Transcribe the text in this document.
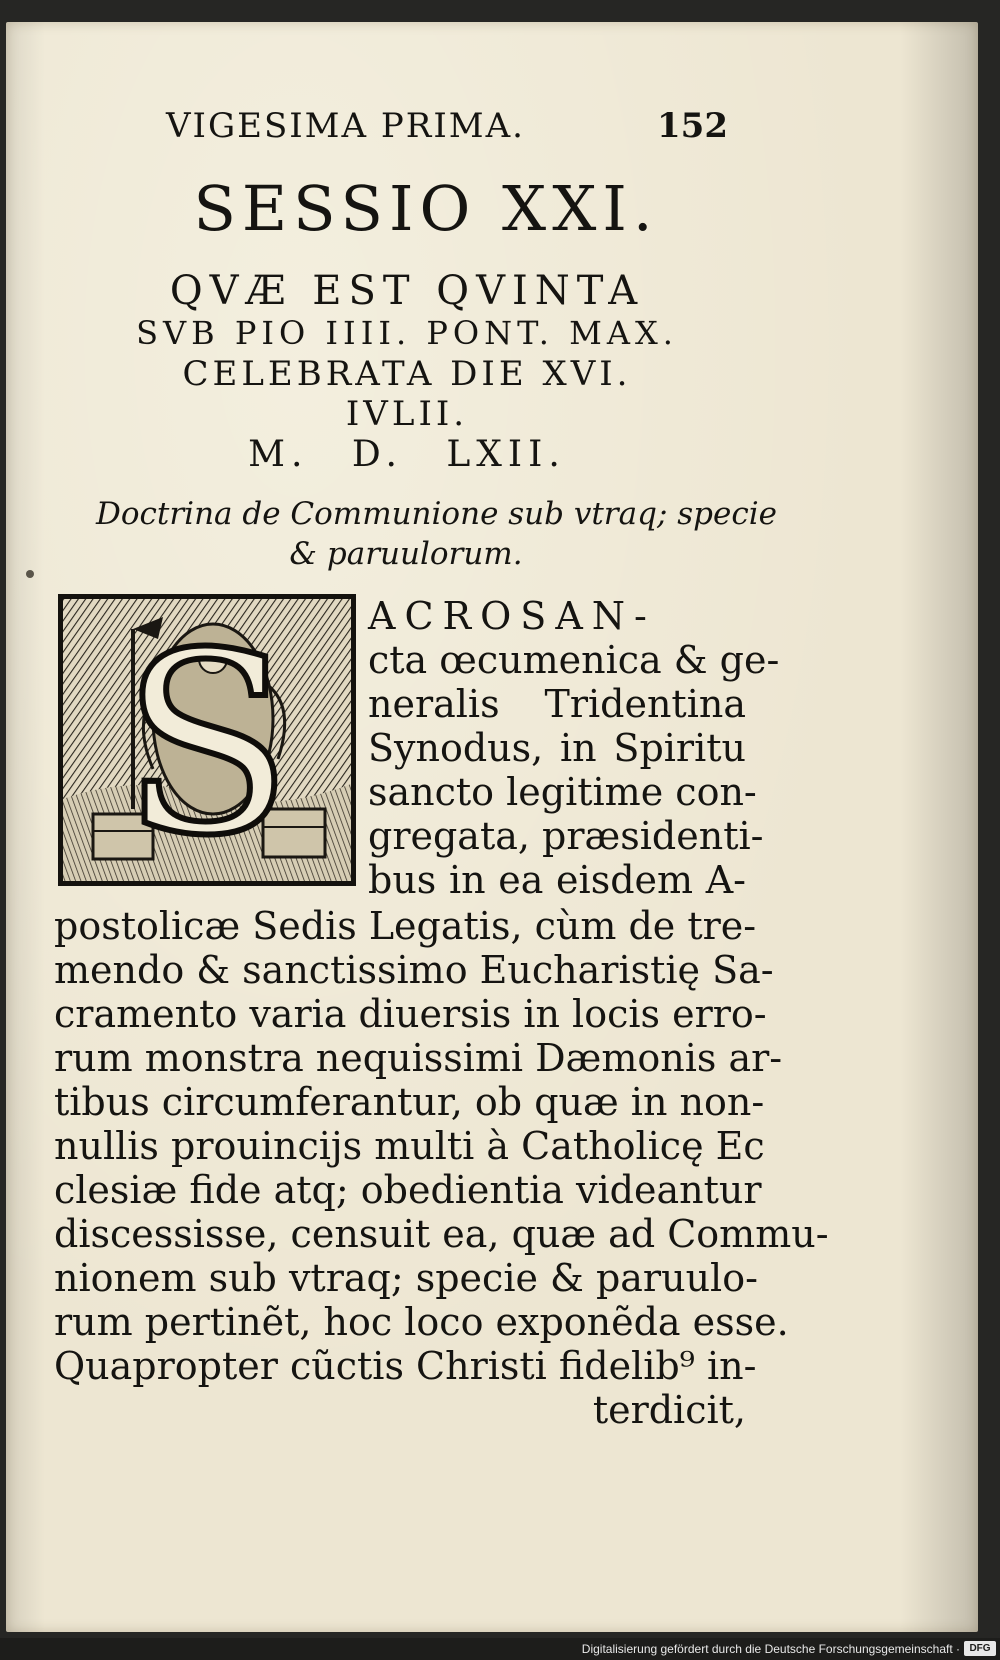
VIGESIMA PRIMA.	152
SESSIO XXI.
QVÆ EST QVINTA
SVB PIO IIII. PONT. MAX.
CELEBRATA DIE XVI.
IVLII.
M. D. LXII.
Doctrina de Communione sub vtraq; specie
& paruulorum.
S ACROSAN-
cta œcumenica & ge-
neralis Tridentina
Synodus, in Spiritu
sancto legitime con-
gregata, præsidenti-
bus in ea eisdem A-
postolicæ Sedis Legatis, cùm de tre-
mendo & sanctissimo Eucharistię Sa-
cramento varia diuersis in locis erro-
rum monstra nequissimi Dæmonis ar-
tibus circumferantur, ob quæ in non-
nullis prouincijs multi à Catholicę Ec
clesiæ fide atq; obedientia videantur
discessisse, censuit ea, quæ ad Commu-
nionem sub vtraq; specie & paruulo-
rum pertinẽt, hoc loco exponẽda esse.
Quapropter cũctis Christi fidelib⁹ in-
terdicit,
Digitalisierung gefördert durch die Deutsche Forschungsgemeinschaft · DFG
